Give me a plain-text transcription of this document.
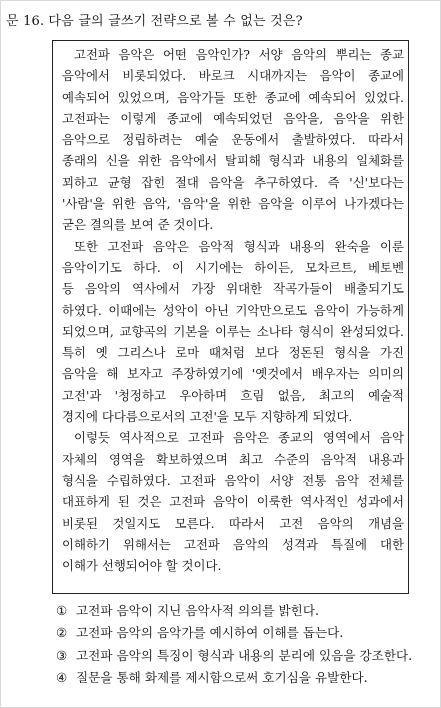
문 16. 다음 글의 글쓰기 전략으로 볼 수 없는 것은?
고전파 음악은 어떤 음악인가? 서양 음악의 뿌리는 종교
음악에서 비롯되었다. 바로크 시대까지는 음악이 종교에
예속되어 있었으며, 음악가들 또한 종교에 예속되어 있었다.
고전파는 이렇게 종교에 예속되었던 음악을, 음악을 위한
음악으로 정립하려는 예술 운동에서 출발하였다. 따라서
종래의 신을 위한 음악에서 탈피해 형식과 내용의 일체화를
꾀하고 균형 잡힌 절대 음악을 추구하였다. 즉 '신'보다는
'사람'을 위한 음악, '음악'을 위한 음악을 이루어 나가겠다는
굳은 결의를 보여 준 것이다.
또한 고전파 음악은 음악적 형식과 내용의 완숙을 이룬
음악이기도 하다. 이 시기에는 하이든, 모차르트, 베토벤
등 음악의 역사에서 가장 위대한 작곡가들이 배출되기도
하였다. 이때에는 성악이 아닌 기악만으로도 음악이 가능하게
되었으며, 교향곡의 기본을 이루는 소나타 형식이 완성되었다.
특히 옛 그리스나 로마 때처럼 보다 정돈된 형식을 가진
음악을 해 보자고 주장하였기에 '옛것에서 배우자는 의미의
고전'과 '청정하고 우아하며 흐림 없음, 최고의 예술적
경지에 다다름으로서의 고전'을 모두 지향하게 되었다.
이렇듯 역사적으로 고전파 음악은 종교의 영역에서 음악
자체의 영역을 확보하였으며 최고 수준의 음악적 내용과
형식을 수립하였다. 고전파 음악이 서양 전통 음악 전체를
대표하게 된 것은 고전파 음악이 이룩한 역사적인 성과에서
비롯된 것일지도 모른다. 따라서 고전 음악의 개념을
이해하기 위해서는 고전파 음악의 성격과 특질에 대한
이해가 선행되어야 할 것이다.
① 고전파 음악이 지닌 음악사적 의의를 밝힌다.
② 고전파 음악의 음악가를 예시하여 이해를 돕는다.
③ 고전파 음악의 특징이 형식과 내용의 분리에 있음을 강조한다.
④ 질문을 통해 화제를 제시함으로써 호기심을 유발한다.
